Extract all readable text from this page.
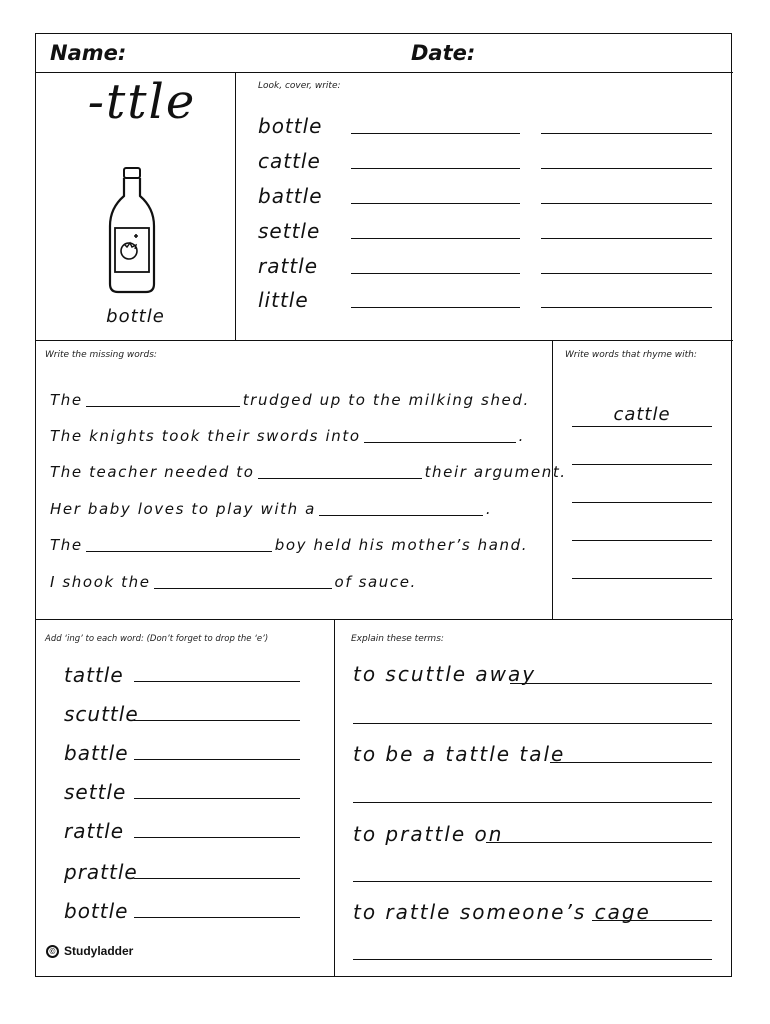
Name:	Date:
-ttle
bottle
Look, cover, write:
bottle
cattle
battle
settle
rattle
little
Write the missing words:
The	trudged up to the milking shed.
The knights took their swords into	.
The teacher needed to	their argument.
Her baby loves to play with a	.
The	boy held his mother’s hand.
I shook the	of sauce.
Write words that rhyme with:
cattle
Add ‘ing’ to each word: (Don’t forget to drop the ‘e’)
tattle
scuttle
battle
settle
rattle
prattle
bottle
© Studyladder
Explain these terms:
to scuttle away
to be a tattle tale
to prattle on
to rattle someone’s cage
